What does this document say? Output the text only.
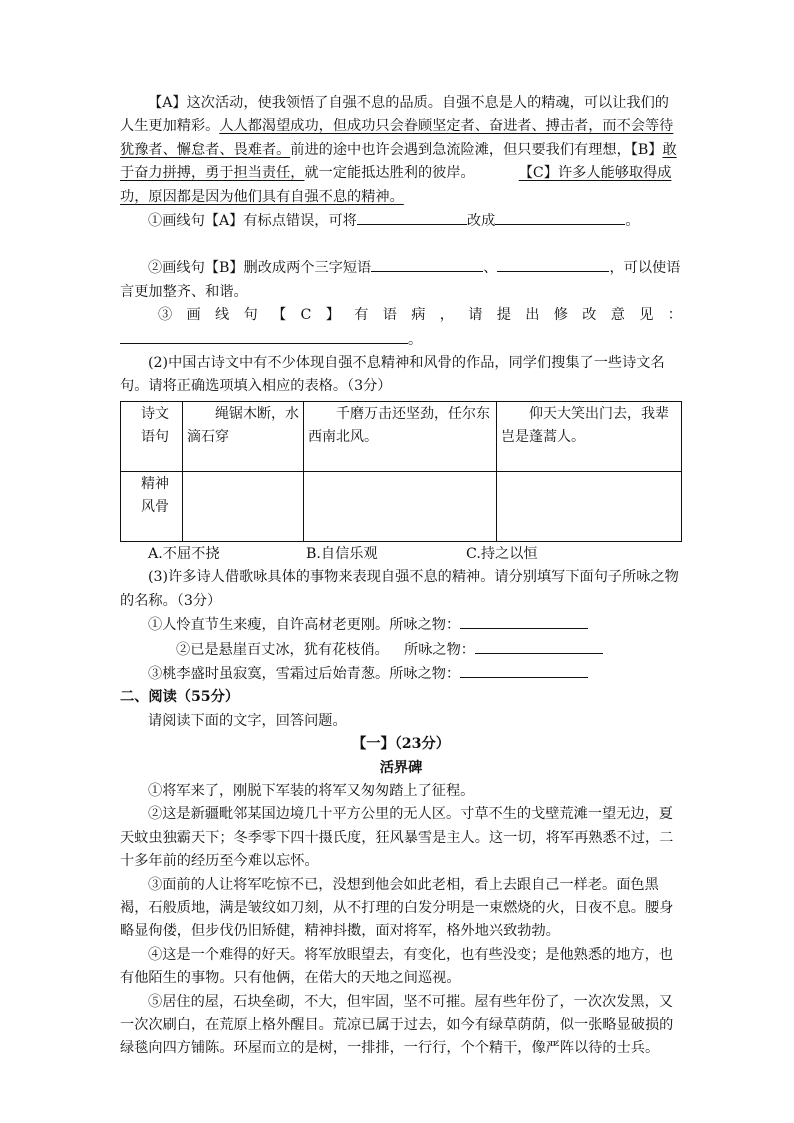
【A】这次活动，使我领悟了自强不息的品质。自强不息是人的精魂，可以让我们的人生更加精彩。人人都渴望成功，但成功只会眷顾坚定者、奋进者、搏击者，而不会等待犹豫者、懈怠者、畏难者。前进的途中也许会遇到急流险滩，但只要我们有理想，【B】敢于奋力拼搏，勇于担当责任，就一定能抵达胜利的彼岸。	【C】许多人能够取得成功，原因都是因为他们具有自强不息的精神。

①画线句【A】有标点错误，可将	改成	。

②画线句【B】删改成两个三字短语	、	，可以使语言更加整齐、和谐。

③画线句【C】有语病，请提出修改意见：

。

(2)中国古诗文中有不少体现自强不息精神和风骨的作品，同学们搜集了一些诗文名句。请将正确选项填入相应的表格。（3分）

诗文语句	绳锯木断，水滴石穿	千磨万击还坚劲，任尔东西南北风。	仰天大笑出门去，我辈岂是蓬蒿人。
精神风骨			

A.不屈不挠	B.自信乐观	C.持之以恒

(3)许多诗人借歌咏具体的事物来表现自强不息的精神。请分别填写下面句子所咏之物的名称。（3分）

①人怜直节生来瘦，自许高材老更刚。所咏之物：

②已是悬崖百丈冰，犹有花枝俏。 所咏之物：

③桃李盛时虽寂寞，雪霜过后始青葱。所咏之物：

二、阅读（55分）

请阅读下面的文字，回答问题。

【一】（23分）

活界碑

①将军来了，刚脱下军装的将军又匆匆踏上了征程。

②这是新疆毗邻某国边境几十平方公里的无人区。寸草不生的戈壁荒滩一望无边，夏天蚊虫独霸天下；冬季零下四十摄氏度，狂风暴雪是主人。这一切，将军再熟悉不过，二十多年前的经历至今难以忘怀。

③面前的人让将军吃惊不已，没想到他会如此老相，看上去跟自己一样老。面色黑褐，石般质地，满是皱纹如刀刻，从不打理的白发分明是一束燃烧的火，日夜不息。腰身略显佝偻，但步伐仍旧矫健，精神抖擞，面对将军，格外地兴致勃勃。

④这是一个难得的好天。将军放眼望去，有变化，也有些没变；是他熟悉的地方，也有他陌生的事物。只有他俩，在偌大的天地之间巡视。

⑤居住的屋，石块垒砌，不大，但牢固，坚不可摧。屋有些年份了，一次次发黑，又一次次刷白，在荒原上格外醒目。荒凉已属于过去，如今有绿草荫荫，似一张略显破损的绿毯向四方铺陈。环屋而立的是树，一排排，一行行，个个精干，像严阵以待的士兵。
